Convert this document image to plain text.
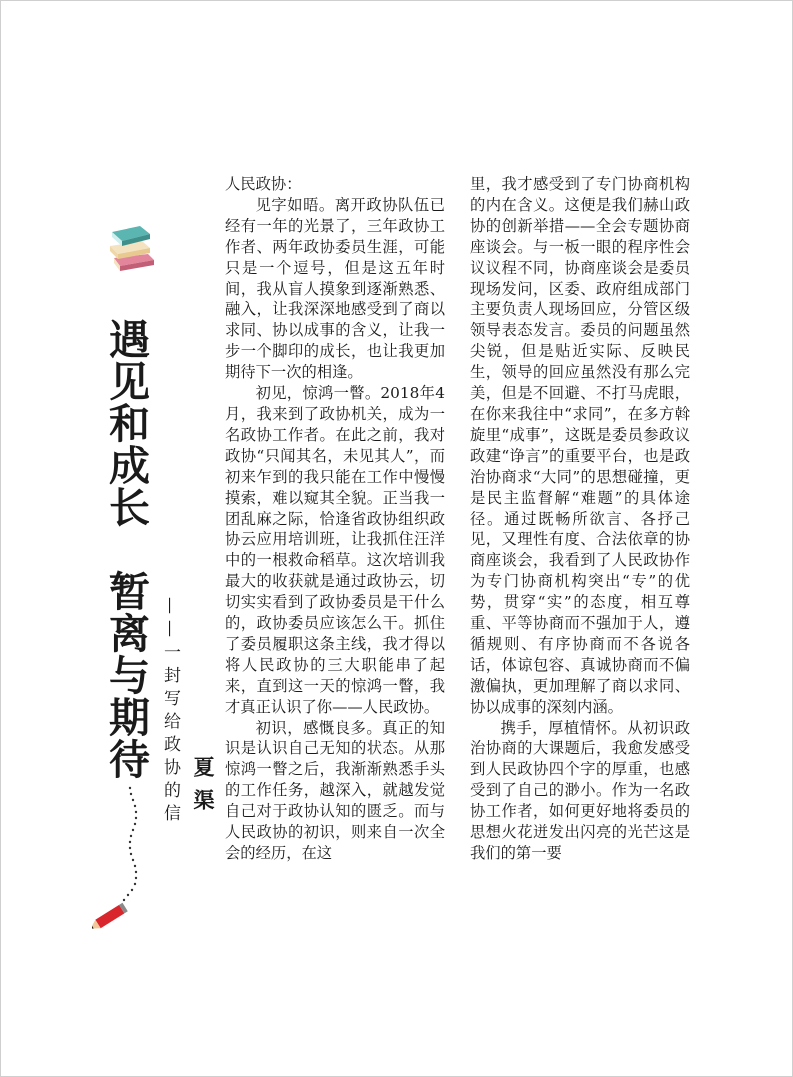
遇见和成长　暂离与期待 ——一封写给政协的信 夏渠

人民政协：

见字如晤。离开政协队伍已经有一年的光景了，三年政协工作者、两年政协委员生涯，可能只是一个逗号，但是这五年时间，我从盲人摸象到逐渐熟悉、融入，让我深深地感受到了商以求同、协以成事的含义，让我一步一个脚印的成长，也让我更加期待下一次的相逢。

初见，惊鸿一瞥。2018年4月，我来到了政协机关，成为一名政协工作者。在此之前，我对政协“只闻其名，未见其人”，而初来乍到的我只能在工作中慢慢摸索，难以窥其全貌。正当我一团乱麻之际，恰逢省政协组织政协云应用培训班，让我抓住汪洋中的一根救命稻草。这次培训我最大的收获就是通过政协云，切切实实看到了政协委员是干什么的，政协委员应该怎么干。抓住了委员履职这条主线，我才得以将人民政协的三大职能串了起来，直到这一天的惊鸿一瞥，我才真正认识了你——人民政协。

初识，感慨良多。真正的知识是认识自己无知的状态。从那惊鸿一瞥之后，我渐渐熟悉手头的工作任务，越深入，就越发觉自己对于政协认知的匮乏。而与人民政协的初识，则来自一次全会的经历，在这

里，我才感受到了专门协商机构的内在含义。这便是我们赫山政协的创新举措——全会专题协商座谈会。与一板一眼的程序性会议议程不同，协商座谈会是委员现场发问，区委、政府组成部门主要负责人现场回应，分管区级领导表态发言。委员的问题虽然尖锐，但是贴近实际、反映民生，领导的回应虽然没有那么完美，但是不回避、不打马虎眼，在你来我往中“求同”，在多方斡旋里“成事”，这既是委员参政议政建“诤言”的重要平台，也是政治协商求“大同”的思想碰撞，更是民主监督解“难题”的具体途径。通过既畅所欲言、各抒己见，又理性有度、合法依章的协商座谈会，我看到了人民政协作为专门协商机构突出“专”的优势，贯穿“实”的态度，相互尊重、平等协商而不强加于人，遵循规则、有序协商而不各说各话，体谅包容、真诚协商而不偏激偏执，更加理解了商以求同、协以成事的深刻内涵。

携手，厚植情怀。从初识政治协商的大课题后，我愈发感受到人民政协四个字的厚重，也感受到了自己的渺小。作为一名政协工作者，如何更好地将委员的思想火花迸发出闪亮的光芒这是我们的第一要
